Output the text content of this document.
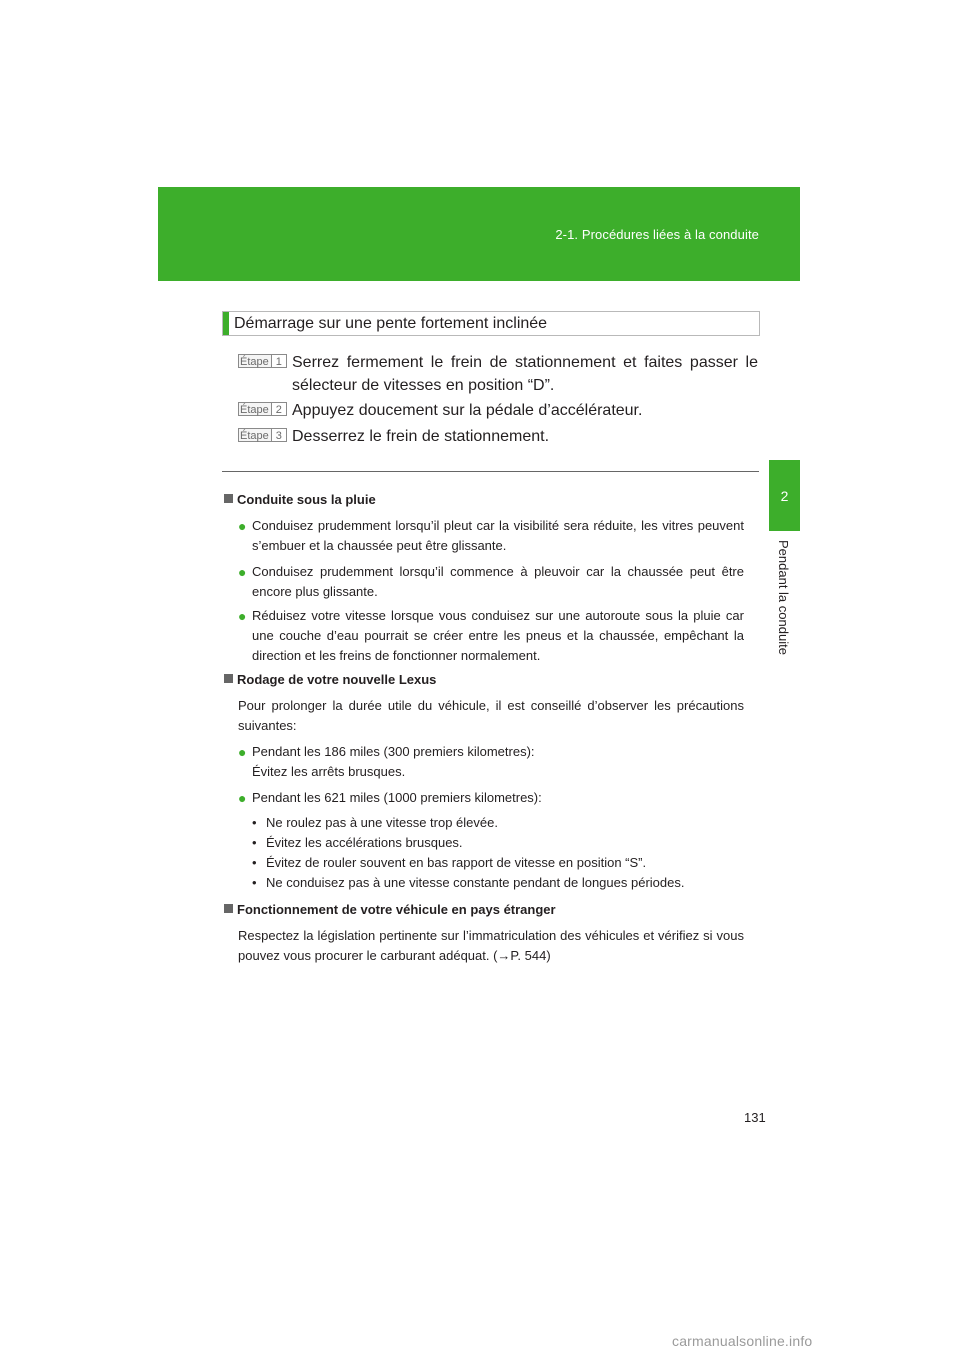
2-1. Procédures liées à la conduite
2
Pendant la conduite
Démarrage sur une pente fortement inclinée
Étape 1 Serrez fermement le frein de stationnement et faites passer le sélecteur de vitesses en position “D”.
Étape 2 Appuyez doucement sur la pédale d’accélérateur.
Étape 3 Desserrez le frein de stationnement.
Conduite sous la pluie
● Conduisez prudemment lorsqu’il pleut car la visibilité sera réduite, les vitres peuvent s’embuer et la chaussée peut être glissante.
● Conduisez prudemment lorsqu’il commence à pleuvoir car la chaussée peut être encore plus glissante.
● Réduisez votre vitesse lorsque vous conduisez sur une autoroute sous la pluie car une couche d’eau pourrait se créer entre les pneus et la chaussée, empêchant la direction et les freins de fonctionner normalement.
Rodage de votre nouvelle Lexus
Pour prolonger la durée utile du véhicule, il est conseillé d’observer les précautions suivantes:
● Pendant les 186 miles (300 premiers kilometres):
Évitez les arrêts brusques.
● Pendant les 621 miles (1000 premiers kilometres):
• Ne roulez pas à une vitesse trop élevée.
• Évitez les accélérations brusques.
• Évitez de rouler souvent en bas rapport de vitesse en position “S”.
• Ne conduisez pas à une vitesse constante pendant de longues périodes.
Fonctionnement de votre véhicule en pays étranger
Respectez la législation pertinente sur l’immatriculation des véhicules et vérifiez si vous pouvez vous procurer le carburant adéquat. (→P. 544)
131
carmanualsonline.info
